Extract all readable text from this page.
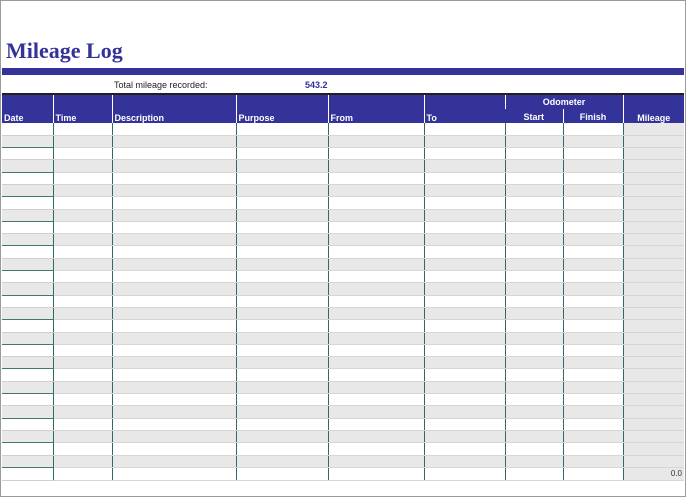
Mileage Log
Total mileage recorded:	543.2
Date	Time	Description	Purpose	From	To	Odometer		Mileage
						Start	Finish	

								0.0
